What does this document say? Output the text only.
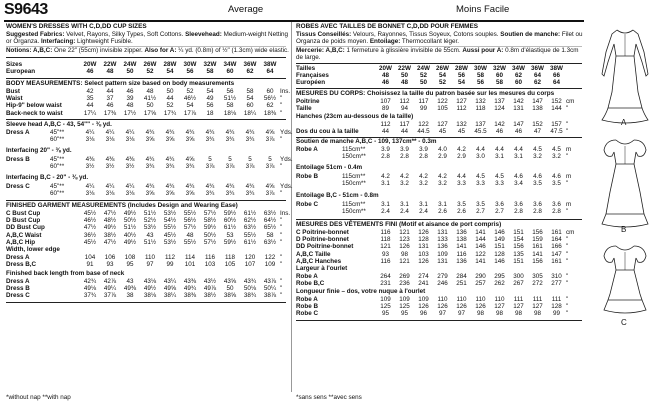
S9643	Average	Moins Facile
WOMEN'S DRESSES WITH C,D,DD CUP SIZES
Suggested Fabrics: Velvet, Rayons, Silky Types, Soft Cottons. Sleevehead: Medium-weight Netting
or Organza. Interfacing: Lightweight Fusible.
Notions: A,B,C: One 22" (55cm) invisible zipper. Also for A: ¼ yd. (0.8m) of ½" (1.3cm) wide elastic.
Sizes	20W	22W	24W	26W	28W	30W	32W	34W	36W	38W	
European	46	48	50	52	54	56	58	60	62	64	
BODY MEASUREMENTS: Select pattern size based on body measurements
Bust	42	44	46	48	50	52	54	56	58	60	Ins.
Waist	35	37	39	41½	44	46½	49	51½	54	56½	"
Hip-9" below waist	44	46	48	50	52	54	56	58	60	62	"
Back-neck to waist	17¼	17⅜	17½	17⅝	17¾	17⅞	18	18⅛	18¼	18⅜	"
Sleeve head A,B,C - 43, 54"" - ⅜ yd.
Dress A	45"**	4¼	4¼	4¼	4¾	4¾	4¾	4¾	4¾	4¾	4⅝	Yds.
	60"**	3⅛	3⅛	3⅛	3⅝	3⅝	3⅝	3¾	3¾	3¾	3⅞	"
Interfacing 20" - ⅜ yd.
Dress B	45"**	4⅜	4⅜	4⅜	4¾	4¾	4⅝	5	5	5	5	Yds.
	60"**	3½	3½	3½	3¾	3¾	3¾	3⅞	3⅞	3⅞	3⅞	"
Interfacing B,C - 20" - ⅜ yd.
Dress C	45"**	4¼	4¼	4¼	4¾	4¾	4¾	4¾	4¾	4¾	4⅝	Yds.
	60"**	3⅛	3⅛	3⅛	3⅝	3⅝	3⅝	3¾	3¾	3¾	3⅞	"
FINISHED GARMENT MEASUREMENTS (Includes Design and Wearing Ease)
C Bust Cup	45½	47½	49½	51½	53½	55½	57½	59½	61½	63½	Ins.
D Bust Cup	46½	48½	50½	52½	54½	56½	58½	60½	62½	64½	"
DD Bust Cup	47½	49½	51½	53½	55½	57½	59½	61½	63½	65½	"
A,B,C Waist	36½	38½	40½	43	45½	48	50½	53	55½	58	"
A,B,C Hip	45½	47½	49½	51½	53½	55½	57½	59½	61½	63½	"
Width, lower edge
Dress A	104	106	108	110	112	114	116	118	120	122	"
Dress B,C	91	93	95	97	99	101	103	105	107	109	"
Finished back length from base of neck
Dress A	42¾	42⅞	43	43⅛	43¼	43⅜	43½	43⅝	43¾	43⅞	"
Dress B	49⅛	49¼	49⅜	49½	49⅝	49¾	49⅞	50	50⅛	50¼	"
Dress C	37¾	37⅞	38	38⅛	38¼	38⅜	38½	38⅝	38¾	38⅞	"
*without nap **with nap
ROBES AVEC TAILLES DE BONNET C,D,DD POUR FEMMES
Tissus Conseillés: Velours, Rayonnes, Tissus Soyeux, Cotons souples. Soutien de manche: Filet ou
Organza de poids moyen. Entoilage: Thermocollant léger.
Mercerie: A,B,C: 1 fermeture à glissière invisible de 55cm. Aussi pour A: 0.8m d'élastique de 1.3cm
de large.
Tailles	20W	22W	24W	26W	28W	30W	32W	34W	36W	38W	
Françaises	48	50	52	54	56	58	60	62	64	66	
Européen	46	48	50	52	54	56	58	60	62	64	
MESURES DU CORPS: Choisissez la taille du patron basée sur les mesures du corps
Poitrine	107	112	117	122	127	132	137	142	147	152	cm
Taille	89	94	99	105	112	118	124	131	138	144	"
Hanches (23cm au-dessous de la taille)
	112	117	122	127	132	137	142	147	152	157	"
Dos du cou à la taille	44	44	44.5	45	45	45.5	46	46	47	47.5	"
Soutien de manche A,B,C - 109, 137cm** - 0.3m
Robe A	115cm**	3.9	3.9	3.9	4.0	4.2	4.4	4.4	4.4	4.5	4.5	m
	150cm**	2.8	2.8	2.8	2.9	2.9	3.0	3.1	3.1	3.2	3.2	"
Entoilage 51cm - 0.4m
Robe B	115cm**	4.2	4.2	4.2	4.2	4.4	4.5	4.5	4.6	4.6	4.6	m
	150cm**	3.1	3.2	3.2	3.2	3.3	3.3	3.3	3.4	3.5	3.5	"
Entoilage B,C - 51cm - 0.8m
Robe C	115cm**	3.1	3.1	3.1	3.1	3.5	3.5	3.6	3.6	3.6	3.6	m
	150cm**	2.4	2.4	2.4	2.6	2.6	2.7	2.7	2.8	2.8	2.8	"
MESURES DES VÊTEMENTS FINI (Motif et aisance de port compris)
C Poitrine-bonnet	116	121	126	131	136	141	146	151	156	161	cm
D Poitrine-bonnet	118	123	128	133	138	144	149	154	159	164	"
DD Poitrine-bonnet	121	126	131	136	141	146	151	156	161	166	"
A,B,C Taille	93	98	103	109	116	122	128	135	141	147	"
A,B,C Hanches	116	121	126	131	136	141	146	151	156	161	"
Largeur à l'ourlet
Robe A	264	269	274	279	284	290	295	300	305	310	"
Robe B,C	231	236	241	246	251	257	262	267	272	277	"
Longueur finie – dos, votre nuque à l'ourlet
Robe A	109	109	109	110	110	110	110	111	111	111	"
Robe B	125	125	126	126	126	126	127	127	127	128	"
Robe C	95	95	96	97	97	98	98	98	98	99	"
*sans sens **avec sens
A
B
C
